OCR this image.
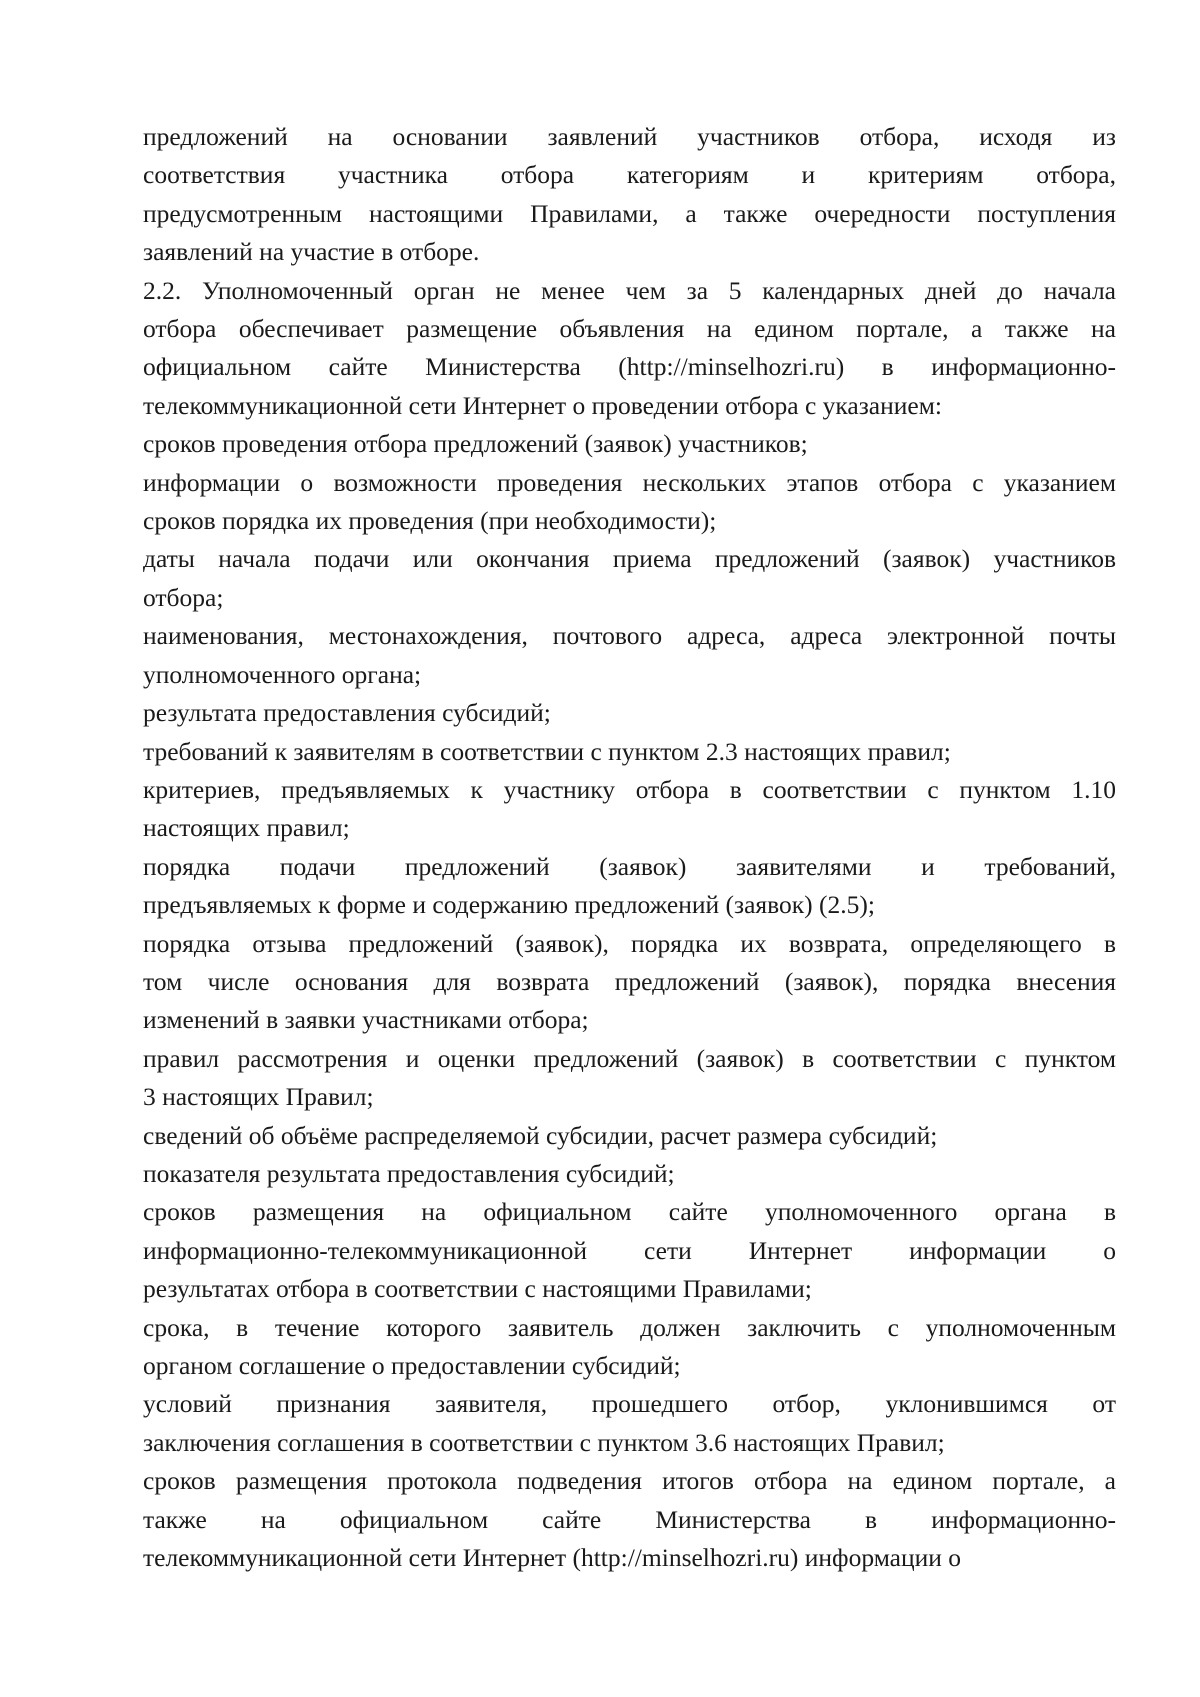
предложений на основании заявлений участников отбора, исходя из
соответствия участника отбора категориям и критериям отбора,
предусмотренным настоящими Правилами, а также очередности поступления
заявлений на участие в отборе.
2.2. Уполномоченный орган не менее чем за 5 календарных дней до начала
отбора обеспечивает размещение объявления на едином портале, а также на
официальном сайте Министерства (http://minselhozri.ru) в информационно-
телекоммуникационной сети Интернет о проведении отбора с указанием:
сроков проведения отбора предложений (заявок) участников;
информации о возможности проведения нескольких этапов отбора с указанием
сроков порядка их проведения (при необходимости);
даты начала подачи или окончания приема предложений (заявок) участников
отбора;
наименования, местонахождения, почтового адреса, адреса электронной почты
уполномоченного органа;
результата предоставления субсидий;
требований к заявителям в соответствии с пунктом 2.3 настоящих правил;
критериев, предъявляемых к участнику отбора в соответствии с пунктом 1.10
настоящих правил;
порядка подачи предложений (заявок) заявителями и требований,
предъявляемых к форме и содержанию предложений (заявок) (2.5);
порядка отзыва предложений (заявок), порядка их возврата, определяющего в
том числе основания для возврата предложений (заявок), порядка внесения
изменений в заявки участниками отбора;
правил рассмотрения и оценки предложений (заявок) в соответствии с пунктом
3 настоящих Правил;
сведений об объёме распределяемой субсидии, расчет размера субсидий;
показателя результата предоставления субсидий;
сроков размещения на официальном сайте уполномоченного органа в
информационно-телекоммуникационной сети Интернет информации о
результатах отбора в соответствии с настоящими Правилами;
срока, в течение которого заявитель должен заключить с уполномоченным
органом соглашение о предоставлении субсидий;
условий признания заявителя, прошедшего отбор, уклонившимся от
заключения соглашения в соответствии с пунктом 3.6 настоящих Правил;
сроков размещения протокола подведения итогов отбора на едином портале, а
также на официальном сайте Министерства в информационно-
телекоммуникационной сети Интернет (http://minselhozri.ru) информации о
